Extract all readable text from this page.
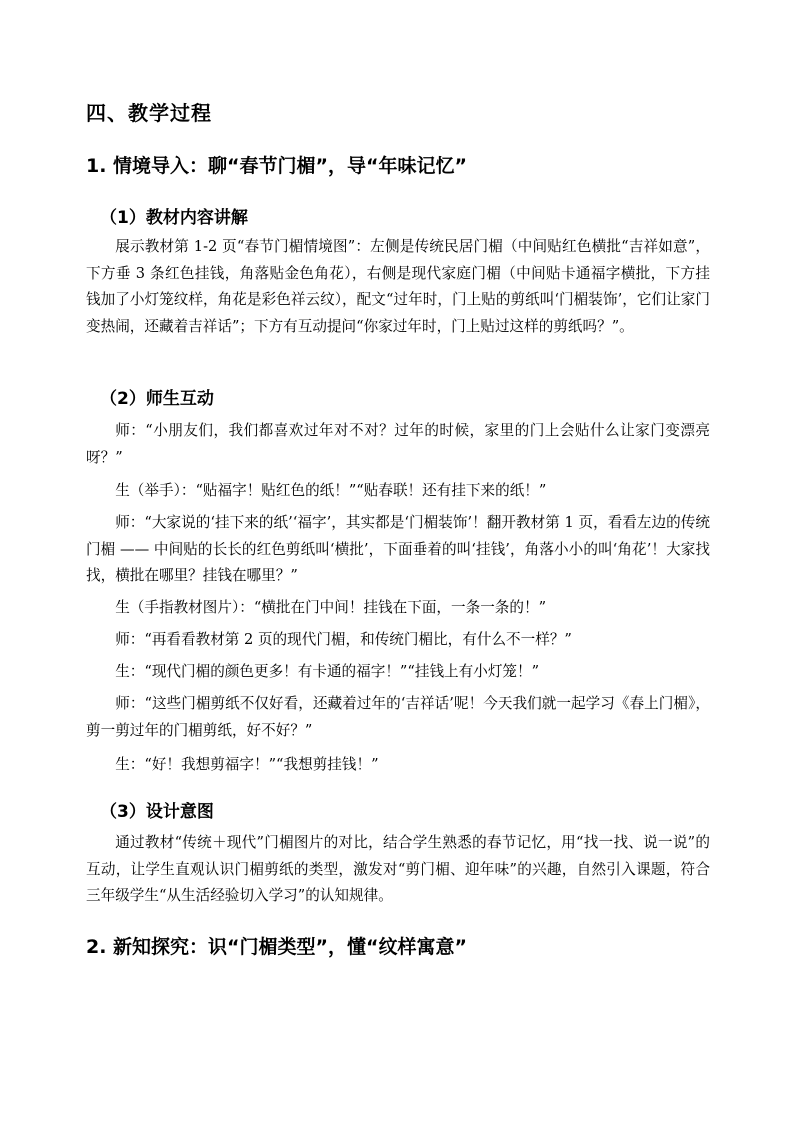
四、教学过程
1. 情境导入：聊“春节门楣”，导“年味记忆”
（1）教材内容讲解

展示教材第 1-2 页“春节门楣情境图”：左侧是传统民居门楣（中间贴红色横批“吉祥如意”，下方垂 3 条红色挂钱，角落贴金色角花），右侧是现代家庭门楣（中间贴卡通福字横批，下方挂钱加了小灯笼纹样，角花是彩色祥云纹），配文“过年时，门上贴的剪纸叫‘门楣装饰’，它们让家门变热闹，还藏着吉祥话”；下方有互动提问“你家过年时，门上贴过这样的剪纸吗？”。

（2）师生互动

师：“小朋友们，我们都喜欢过年对不对？过年的时候，家里的门上会贴什么让家门变漂亮呀？”

生（举手）：“贴福字！贴红色的纸！”“贴春联！还有挂下来的纸！”

师：“大家说的‘挂下来的纸’‘福字’，其实都是‘门楣装饰’！翻开教材第 1 页，看看左边的传统门楣 —— 中间贴的长长的红色剪纸叫‘横批’，下面垂着的叫‘挂钱’，角落小小的叫‘角花’！大家找找，横批在哪里？挂钱在哪里？”

生（手指教材图片）：“横批在门中间！挂钱在下面，一条一条的！”

师：“再看看教材第 2 页的现代门楣，和传统门楣比，有什么不一样？”

生：“现代门楣的颜色更多！有卡通的福字！”“挂钱上有小灯笼！”

师：“这些门楣剪纸不仅好看，还藏着过年的‘吉祥话’呢！今天我们就一起学习《春上门楣》，剪一剪过年的门楣剪纸，好不好？”

生：“好！我想剪福字！”“我想剪挂钱！”

（3）设计意图

通过教材“传统＋现代”门楣图片的对比，结合学生熟悉的春节记忆，用“找一找、说一说”的互动，让学生直观认识门楣剪纸的类型，激发对“剪门楣、迎年味”的兴趣，自然引入课题，符合三年级学生“从生活经验切入学习”的认知规律。

2. 新知探究：识“门楣类型”，懂“纹样寓意”
